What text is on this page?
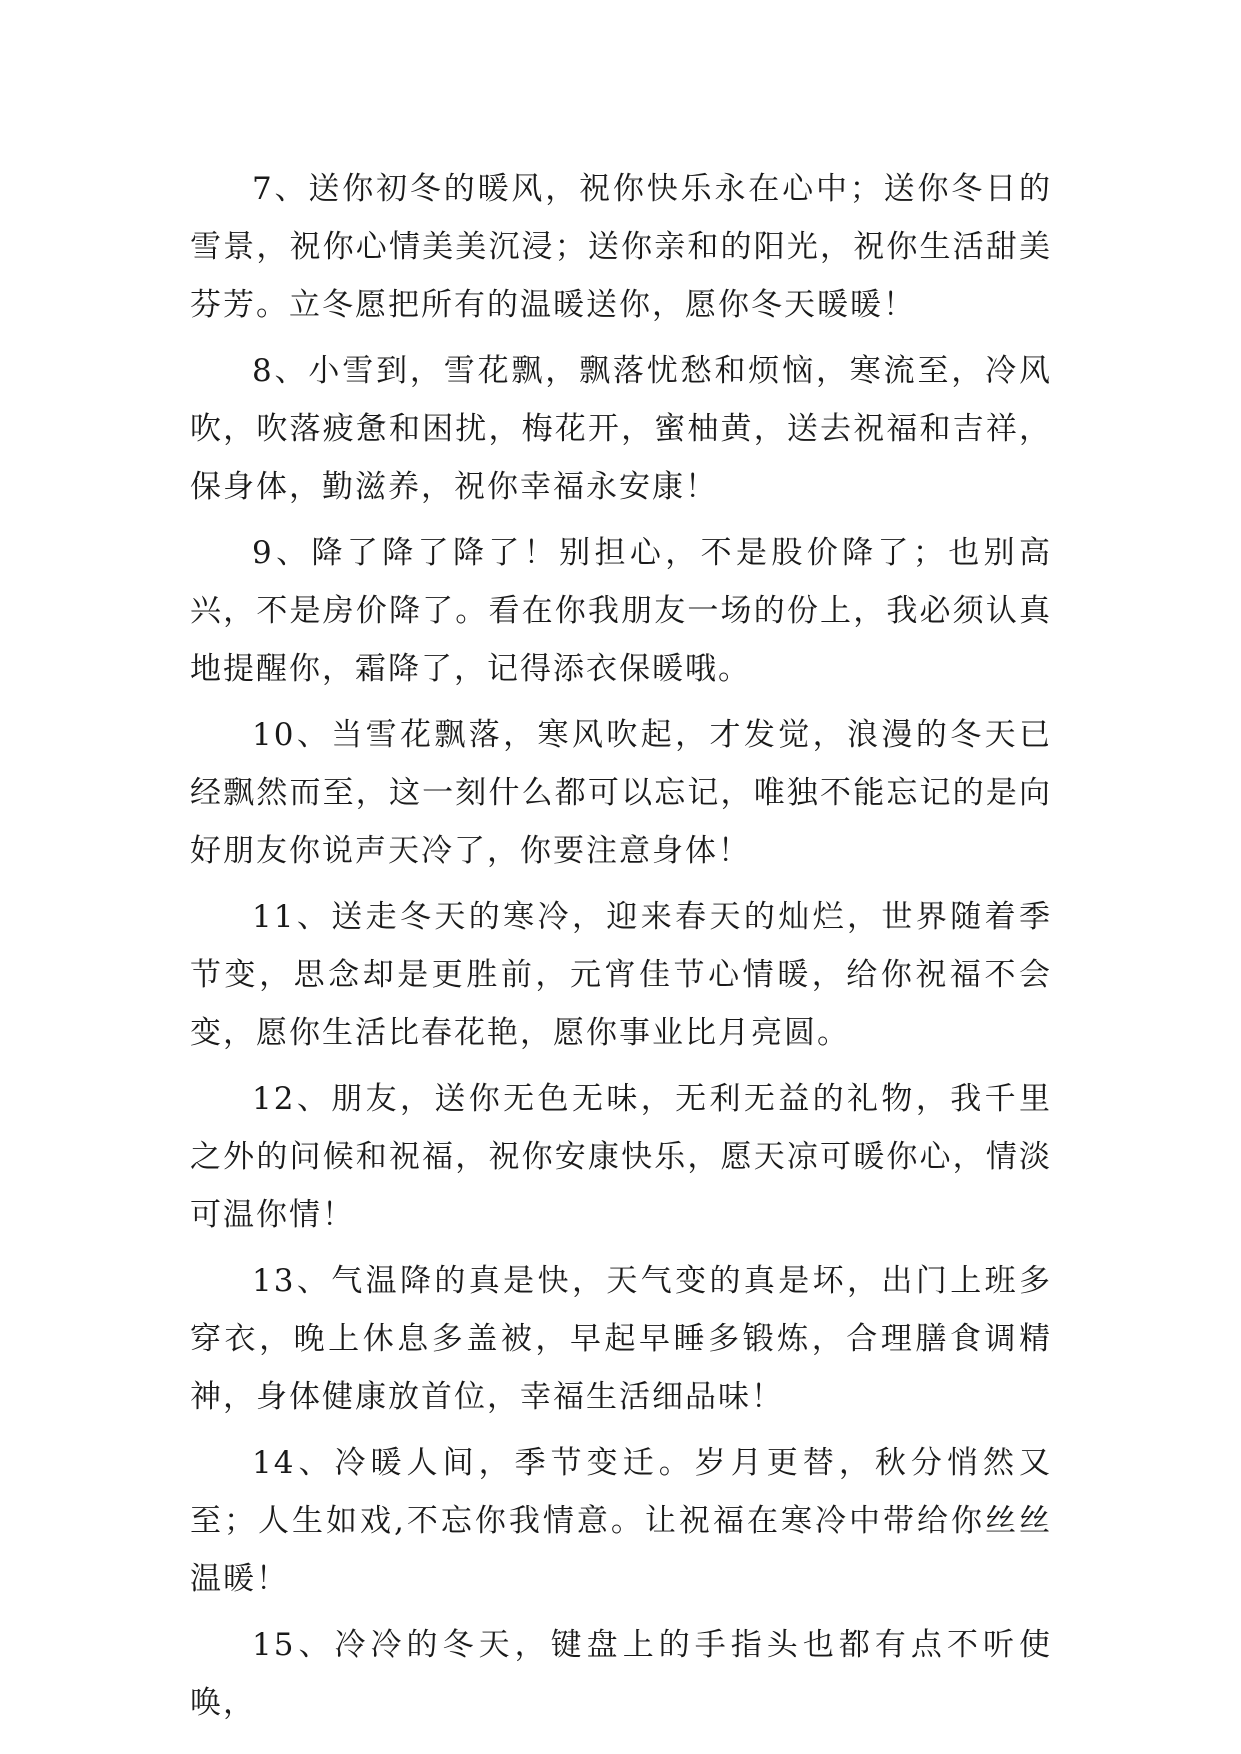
7、送你初冬的暖风，祝你快乐永在心中；送你冬日的雪景，祝你心情美美沉浸；送你亲和的阳光，祝你生活甜美芬芳。立冬愿把所有的温暖送你，愿你冬天暖暖！

8、小雪到，雪花飘，飘落忧愁和烦恼，寒流至，冷风吹，吹落疲惫和困扰，梅花开，蜜柚黄，送去祝福和吉祥，保身体，勤滋养，祝你幸福永安康！

9、降了降了降了！别担心，不是股价降了；也别高兴，不是房价降了。看在你我朋友一场的份上，我必须认真地提醒你，霜降了，记得添衣保暖哦。

10、当雪花飘落，寒风吹起，才发觉，浪漫的冬天已经飘然而至，这一刻什么都可以忘记，唯独不能忘记的是向好朋友你说声天冷了，你要注意身体！

11、送走冬天的寒冷，迎来春天的灿烂，世界随着季节变，思念却是更胜前，元宵佳节心情暖，给你祝福不会变，愿你生活比春花艳，愿你事业比月亮圆。

12、朋友，送你无色无味，无利无益的礼物，我千里之外的问候和祝福，祝你安康快乐，愿天凉可暖你心，情淡可温你情！

13、气温降的真是快，天气变的真是坏，出门上班多穿衣，晚上休息多盖被，早起早睡多锻炼，合理膳食调精神，身体健康放首位，幸福生活细品味！

14、冷暖人间，季节变迁。岁月更替，秋分悄然又至；人生如戏,不忘你我情意。让祝福在寒冷中带给你丝丝温暖！

15、冷冷的冬天，键盘上的手指头也都有点不听使唤，
